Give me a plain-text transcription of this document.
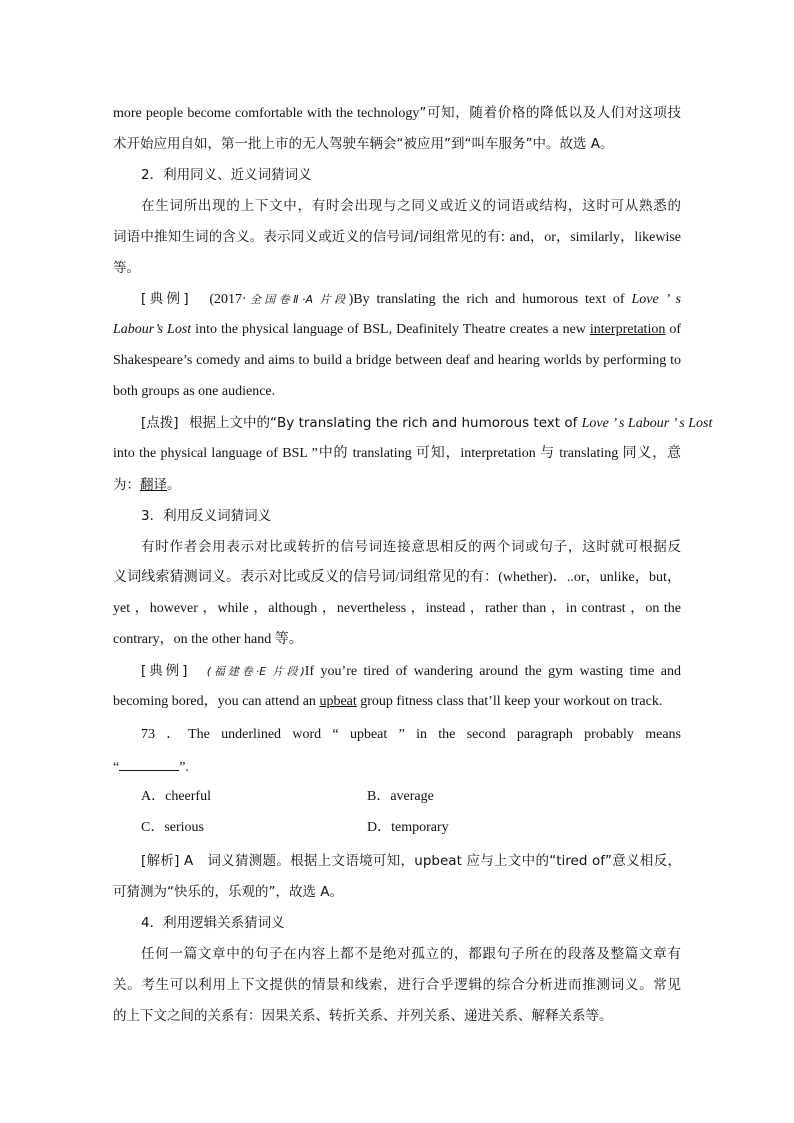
more people become comfortable with the technology”可知，随着价格的降低以及人们对这项技
术开始应用自如，第一批上市的无人驾驶车辆会“被应用”到“叫车服务”中。故选 A。
2．利用同义、近义词猜词义
在生词所出现的上下文中，有时会出现与之同义或近义的词语或结构，这时可从熟悉的
词语中推知生词的含义。表示同义或近义的信号词/词组常见的有: and，or，similarly，likewise
等。
[典例] (2017·全国卷Ⅱ·A 片段)By translating the rich and humorous text of Love ’ s
Labour’s Lost into the physical language of BSL, Deafinitely Theatre creates a new interpretation of
Shakespeare’s comedy and aims to build a bridge between deaf and hearing worlds by performing to
both groups as one audience.
[点拨] 根据上文中的“By translating the rich and humorous text of Love ’ s Labour ’ s Lost
into the physical language of BSL ”中的 translating 可知，interpretation 与 translating 同义，意
为：翻译。
3．利用反义词猜词义
有时作者会用表示对比或转折的信号词连接意思相反的两个词或句子，这时就可根据反
义词线索猜测词义。表示对比或反义的信号词/词组常见的有：(whether)．..or，unlike，but，
yet ，however ，while ，although ，nevertheless ，instead ，rather than ，in contrast ，on the
contrary，on the other hand 等。
[典例] (福建卷·E 片段)If you’re tired of wandering around the gym wasting time and
becoming bored，you can attend an upbeat group fitness class that’ll keep your workout on track.
73 ．The underlined word “ upbeat ” in the second paragraph probably means
“	”.
A．cheerful	B．average
C．serious	D．temporary
[解析] A　词义猜测题。根据上文语境可知，upbeat 应与上文中的“tired of”意义相反，
可猜测为“快乐的，乐观的”，故选 A。
4．利用逻辑关系猜词义
任何一篇文章中的句子在内容上都不是绝对孤立的，都跟句子所在的段落及整篇文章有
关。考生可以利用上下文提供的情景和线索，进行合乎逻辑的综合分析进而推测词义。常见
的上下文之间的关系有：因果关系、转折关系、并列关系、递进关系、解释关系等。
